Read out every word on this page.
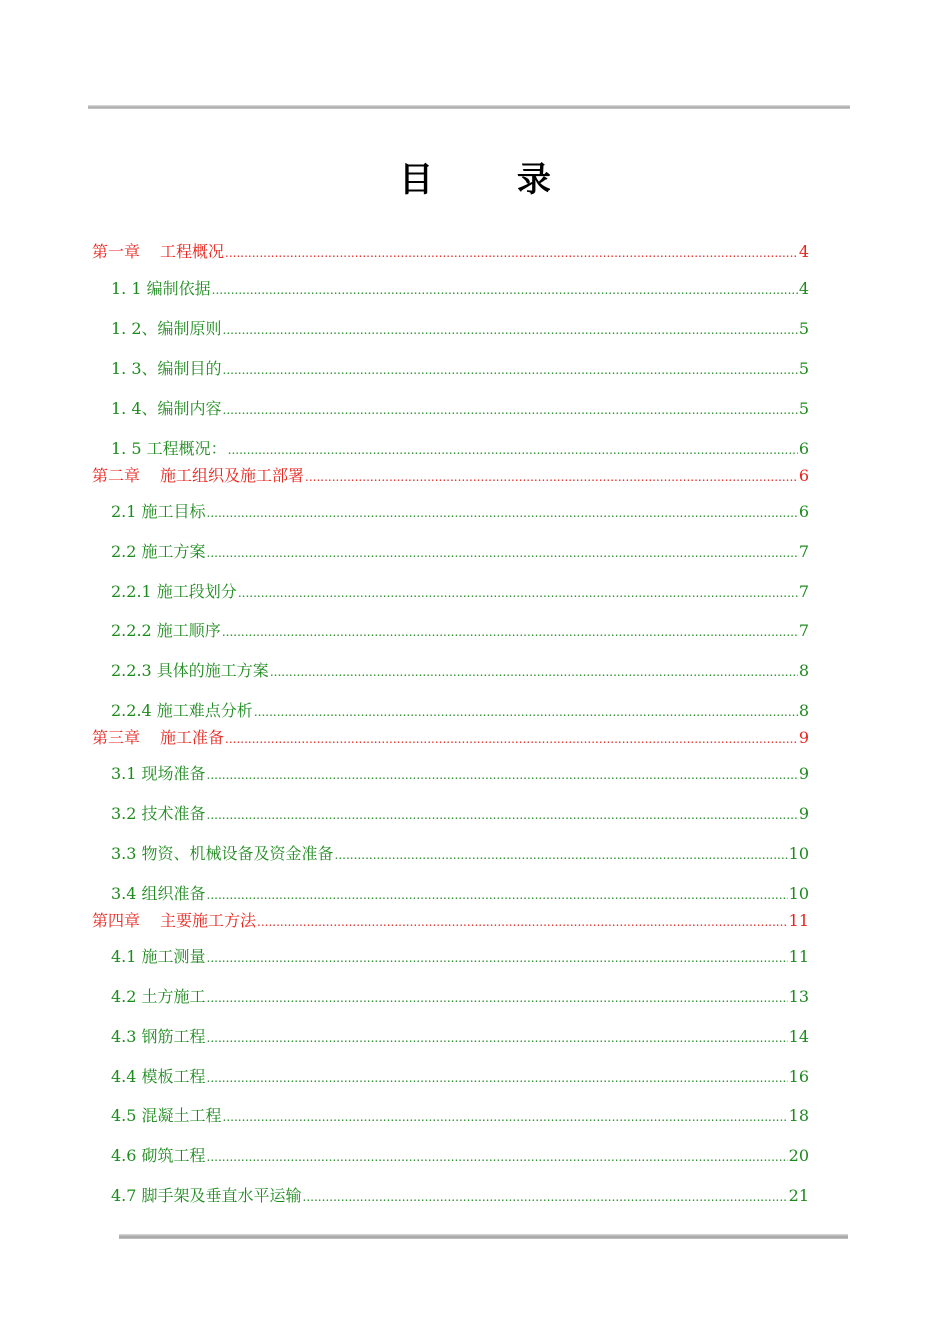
目 录
第一章 工程概况 .....	4
1. 1 编制依据 .....	4
1. 2、编制原则 .....	5
1. 3、编制目的 .....	5
1. 4、编制内容 .....	5
1. 5 工程概况： .....	6
第二章 施工组织及施工部署 .....	6
2.1 施工目标 .....	6
2.2 施工方案 .....	7
2.2.1 施工段划分 .....	7
2.2.2 施工顺序 .....	7
2.2.3 具体的施工方案 .....	8
2.2.4 施工难点分析 .....	8
第三章 施工准备 .....	9
3.1 现场准备 .....	9
3.2 技术准备 .....	9
3.3 物资、机械设备及资金准备 .....	10
3.4 组织准备 .....	10
第四章 主要施工方法 .....	11
4.1 施工测量 .....	11
4.2 土方施工 .....	13
4.3 钢筋工程 .....	14
4.4 模板工程 .....	16
4.5 混凝土工程 .....	18
4.6 砌筑工程 .....	20
4.7 脚手架及垂直水平运输 .....	21
